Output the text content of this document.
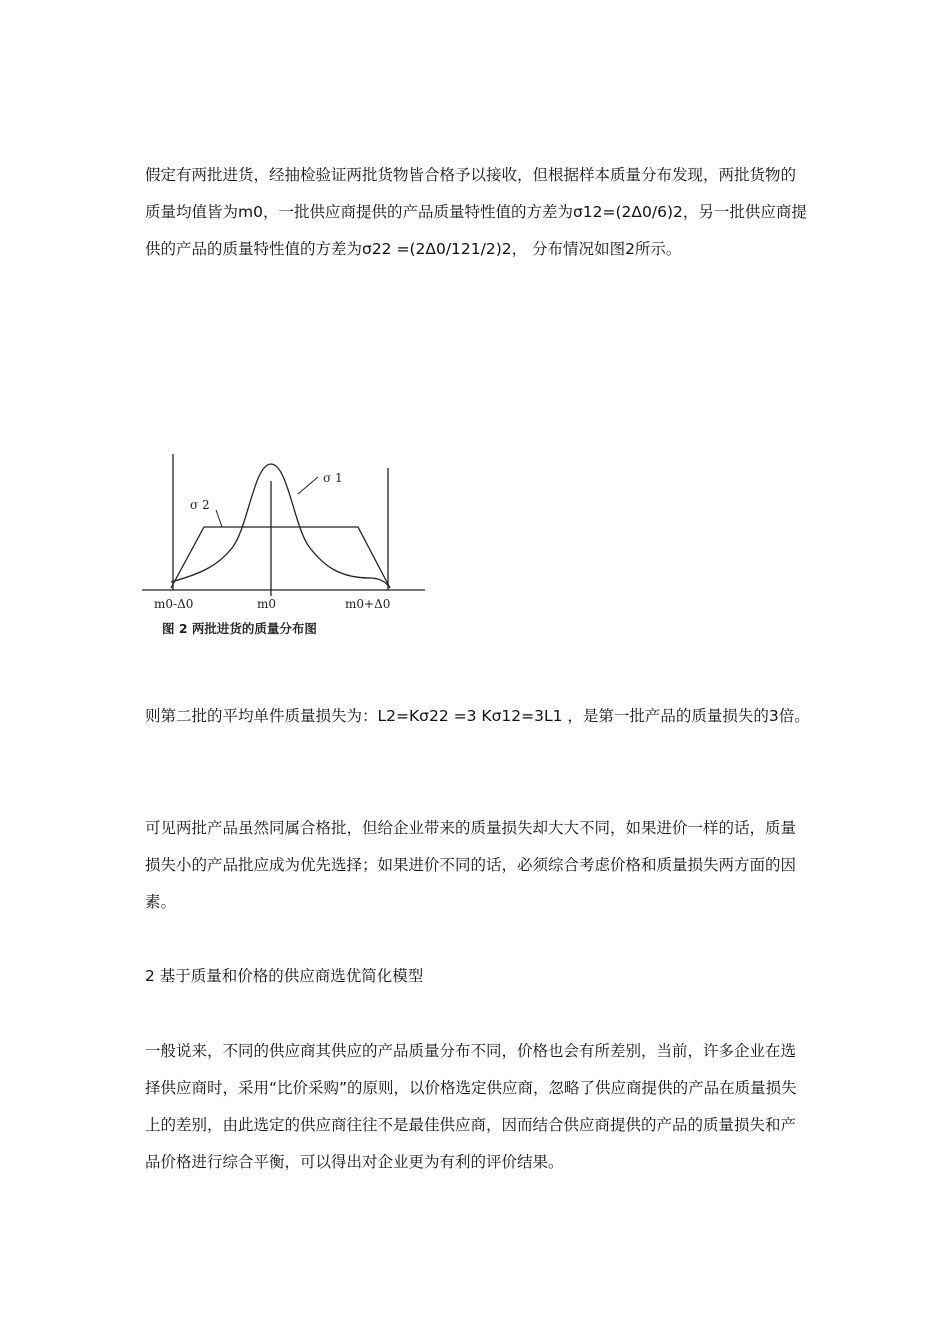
假定有两批进货，经抽检验证两批货物皆合格予以接收，但根据样本质量分布发现，两批货物的质量均值皆为m0，一批供应商提供的产品质量特性值的方差为σ12=(2Δ0/6)2，另一批供应商提供的产品的质量特性值的方差为σ22 =(2Δ0/121/2)2， 分布情况如图2所示。

σ 1
σ 2
m0-Δ0	m0	m0+Δ0
图 2 两批进货的质量分布图

则第二批的平均单件质量损失为：L2=Kσ22 =3 Kσ12=3L1 ，是第一批产品的质量损失的3倍。

可见两批产品虽然同属合格批，但给企业带来的质量损失却大大不同，如果进价一样的话，质量损失小的产品批应成为优先选择；如果进价不同的话，必须综合考虑价格和质量损失两方面的因素。

2 基于质量和价格的供应商选优简化模型

一般说来，不同的供应商其供应的产品质量分布不同，价格也会有所差别，当前，许多企业在选择供应商时，采用“比价采购”的原则，以价格选定供应商，忽略了供应商提供的产品在质量损失上的差别，由此选定的供应商往往不是最佳供应商，因而结合供应商提供的产品的质量损失和产品价格进行综合平衡，可以得出对企业更为有利的评价结果。
